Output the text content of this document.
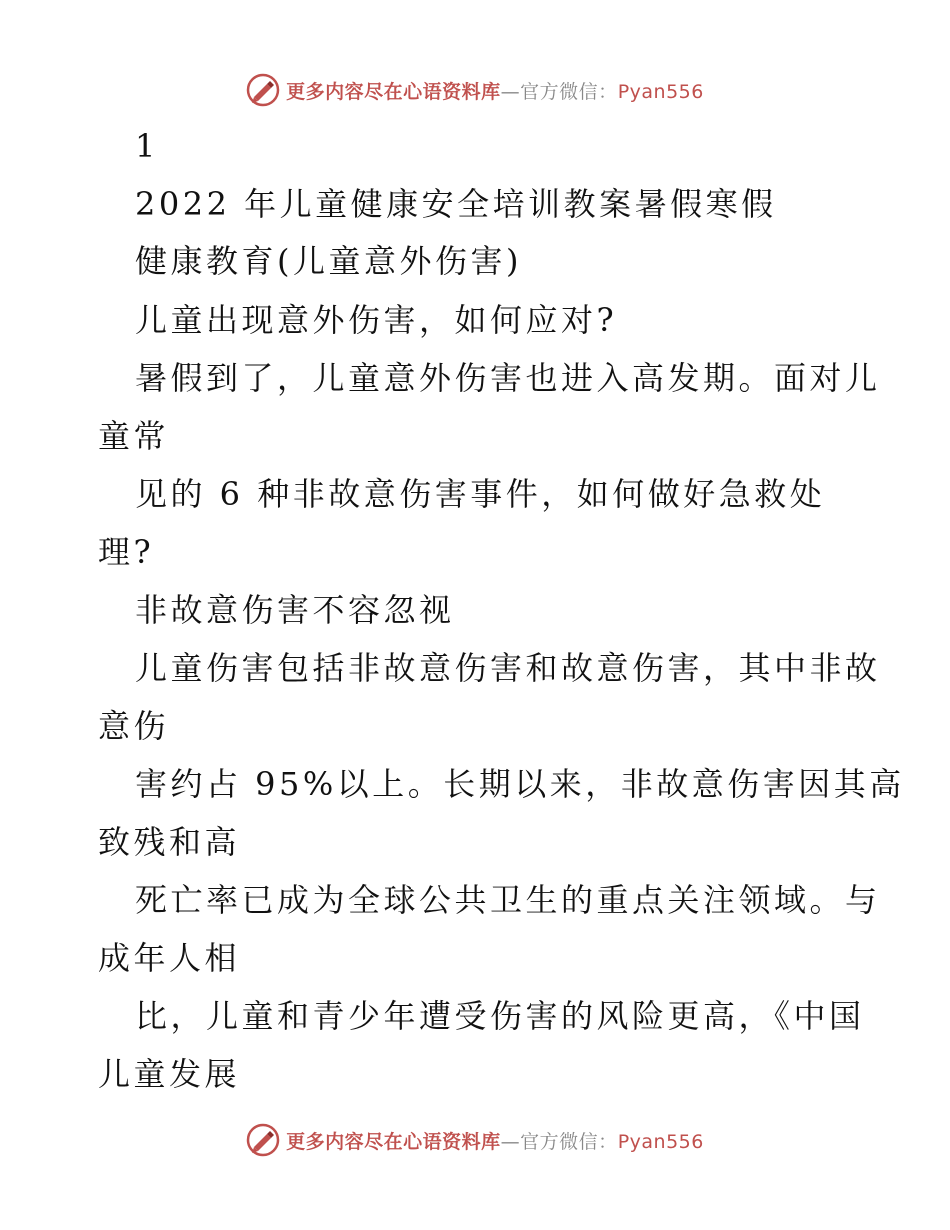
更多内容尽在心语资料库—官方微信：Pyan556
1
2022 年儿童健康安全培训教案暑假寒假
健康教育(儿童意外伤害)
儿童出现意外伤害，如何应对?
暑假到了，儿童意外伤害也进入高发期。面对儿
童常
见的 6 种非故意伤害事件，如何做好急救处
理?
非故意伤害不容忽视
儿童伤害包括非故意伤害和故意伤害，其中非故
意伤
害约占 95%以上。长期以来，非故意伤害因其高
致残和高
死亡率已成为全球公共卫生的重点关注领域。与
成年人相
比，儿童和青少年遭受伤害的风险更高，《中国
儿童发展
更多内容尽在心语资料库—官方微信：Pyan556
